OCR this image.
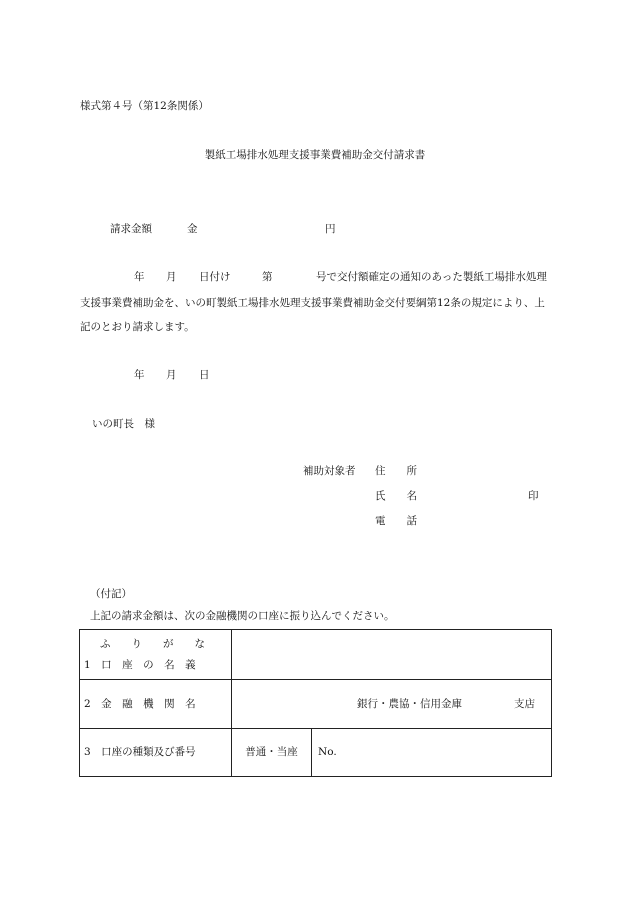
様式第４号（第12条関係）
製紙工場排水処理支援事業費補助金交付請求書
請求金額	金	円
年 月 日付け	第	号で交付額確定の通知のあった製紙工場排水処理
支援事業費補助金を、いの町製紙工場排水処理支援事業費補助金交付要綱第12条の規定により、上
記のとおり請求します。
年 月 日
いの町長　様
補助対象者 住　　所
氏　　名	印
電　　話
（付記）
上記の請求金額は、次の金融機関の口座に振り込んでください。
ふ　　り　　が　　な
1　口　座　の　名　義		

2　金　融　機　関　名	銀行・農協・信用金庫 支店	
3　口座の種類及び番号	普通・当座	No.
